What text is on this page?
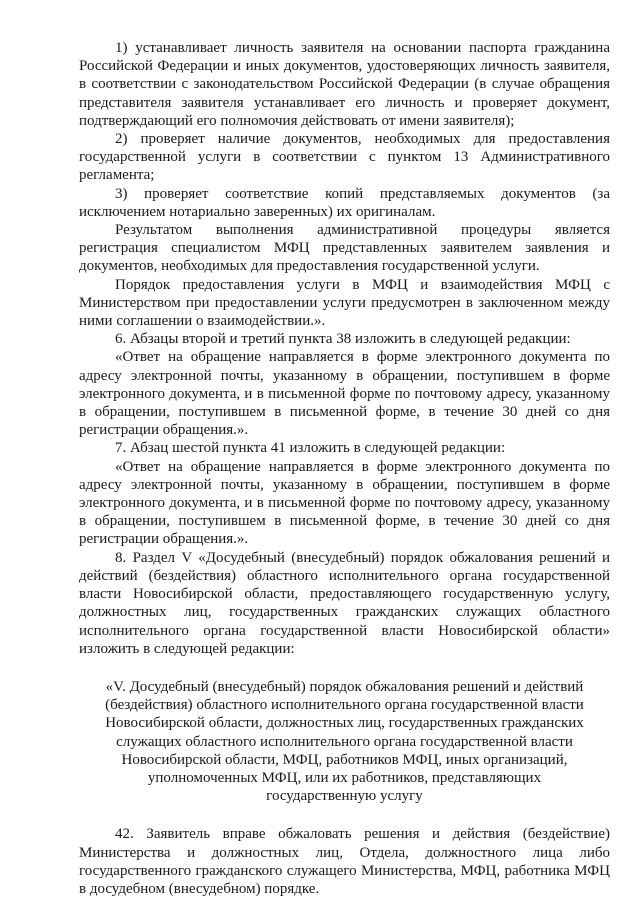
1) устанавливает личность заявителя на основании паспорта гражданина Российской Федерации и иных документов, удостоверяющих личность заявителя, в соответствии с законодательством Российской Федерации (в случае обращения представителя заявителя устанавливает его личность и проверяет документ, подтверждающий его полномочия действовать от имени заявителя);

2) проверяет наличие документов, необходимых для предоставления государственной услуги в соответствии с пунктом 13 Административного регламента;

3) проверяет соответствие копий представляемых документов (за исключением нотариально заверенных) их оригиналам.

Результатом выполнения административной процедуры является регистрация специалистом МФЦ представленных заявителем заявления и документов, необходимых для предоставления государственной услуги.

Порядок предоставления услуги в МФЦ и взаимодействия МФЦ с Министерством при предоставлении услуги предусмотрен в заключенном между ними соглашении о взаимодействии.».

6. Абзацы второй и третий пункта 38 изложить в следующей редакции:

«Ответ на обращение направляется в форме электронного документа по адресу электронной почты, указанному в обращении, поступившем в форме электронного документа, и в письменной форме по почтовому адресу, указанному в обращении, поступившем в письменной форме, в течение 30 дней со дня регистрации обращения.».

7. Абзац шестой пункта 41 изложить в следующей редакции:

«Ответ на обращение направляется в форме электронного документа по адресу электронной почты, указанному в обращении, поступившем в форме электронного документа, и в письменной форме по почтовому адресу, указанному в обращении, поступившем в письменной форме, в течение 30 дней со дня регистрации обращения.».

8. Раздел V «Досудебный (внесудебный) порядок обжалования решений и действий (бездействия) областного исполнительного органа государственной власти Новосибирской области, предоставляющего государственную услугу, должностных лиц, государственных гражданских служащих областного исполнительного органа государственной власти Новосибирской области» изложить в следующей редакции:

«V. Досудебный (внесудебный) порядок обжалования решений и действий (бездействия) областного исполнительного органа государственной власти Новосибирской области, должностных лиц, государственных гражданских служащих областного исполнительного органа государственной власти Новосибирской области, МФЦ, работников МФЦ, иных организаций, уполномоченных МФЦ, или их работников, представляющих государственную услугу

42. Заявитель вправе обжаловать решения и действия (бездействие) Министерства и должностных лиц, Отдела, должностного лица либо государственного гражданского служащего Министерства, МФЦ, работника МФЦ в досудебном (внесудебном) порядке.
